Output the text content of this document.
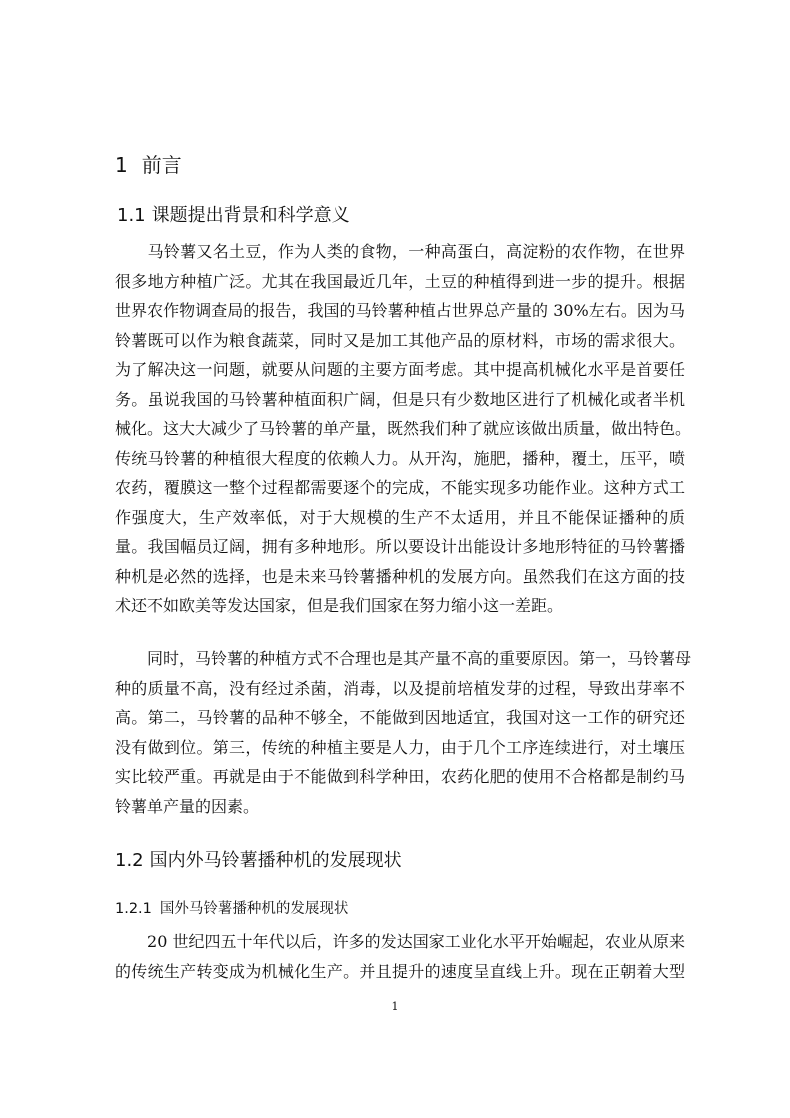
1 前言
1.1 课题提出背景和科学意义
　　马铃薯又名土豆，作为人类的食物，一种高蛋白，高淀粉的农作物，在世界
很多地方种植广泛。尤其在我国最近几年，土豆的种植得到进一步的提升。根据
世界农作物调查局的报告，我国的马铃薯种植占世界总产量的 30%左右。因为马
铃薯既可以作为粮食蔬菜，同时又是加工其他产品的原材料，市场的需求很大。
为了解决这一问题，就要从问题的主要方面考虑。其中提高机械化水平是首要任
务。虽说我国的马铃薯种植面积广阔，但是只有少数地区进行了机械化或者半机
械化。这大大减少了马铃薯的单产量，既然我们种了就应该做出质量，做出特色。
传统马铃薯的种植很大程度的依赖人力。从开沟，施肥，播种，覆土，压平，喷
农药，覆膜这一整个过程都需要逐个的完成，不能实现多功能作业。这种方式工
作强度大，生产效率低，对于大规模的生产不太适用，并且不能保证播种的质
量。我国幅员辽阔，拥有多种地形。所以要设计出能设计多地形特征的马铃薯播
种机是必然的选择，也是未来马铃薯播种机的发展方向。虽然我们在这方面的技
术还不如欧美等发达国家，但是我们国家在努力缩小这一差距。
　　同时，马铃薯的种植方式不合理也是其产量不高的重要原因。第一，马铃薯母
种的质量不高，没有经过杀菌，消毒，以及提前培植发芽的过程，导致出芽率不
高。第二，马铃薯的品种不够全，不能做到因地适宜，我国对这一工作的研究还
没有做到位。第三，传统的种植主要是人力，由于几个工序连续进行，对土壤压
实比较严重。再就是由于不能做到科学种田，农药化肥的使用不合格都是制约马
铃薯单产量的因素。
1.2 国内外马铃薯播种机的发展现状
1.2.1 国外马铃薯播种机的发展现状
　　20 世纪四五十年代以后，许多的发达国家工业化水平开始崛起，农业从原来
的传统生产转变成为机械化生产。并且提升的速度呈直线上升。现在正朝着大型
1
